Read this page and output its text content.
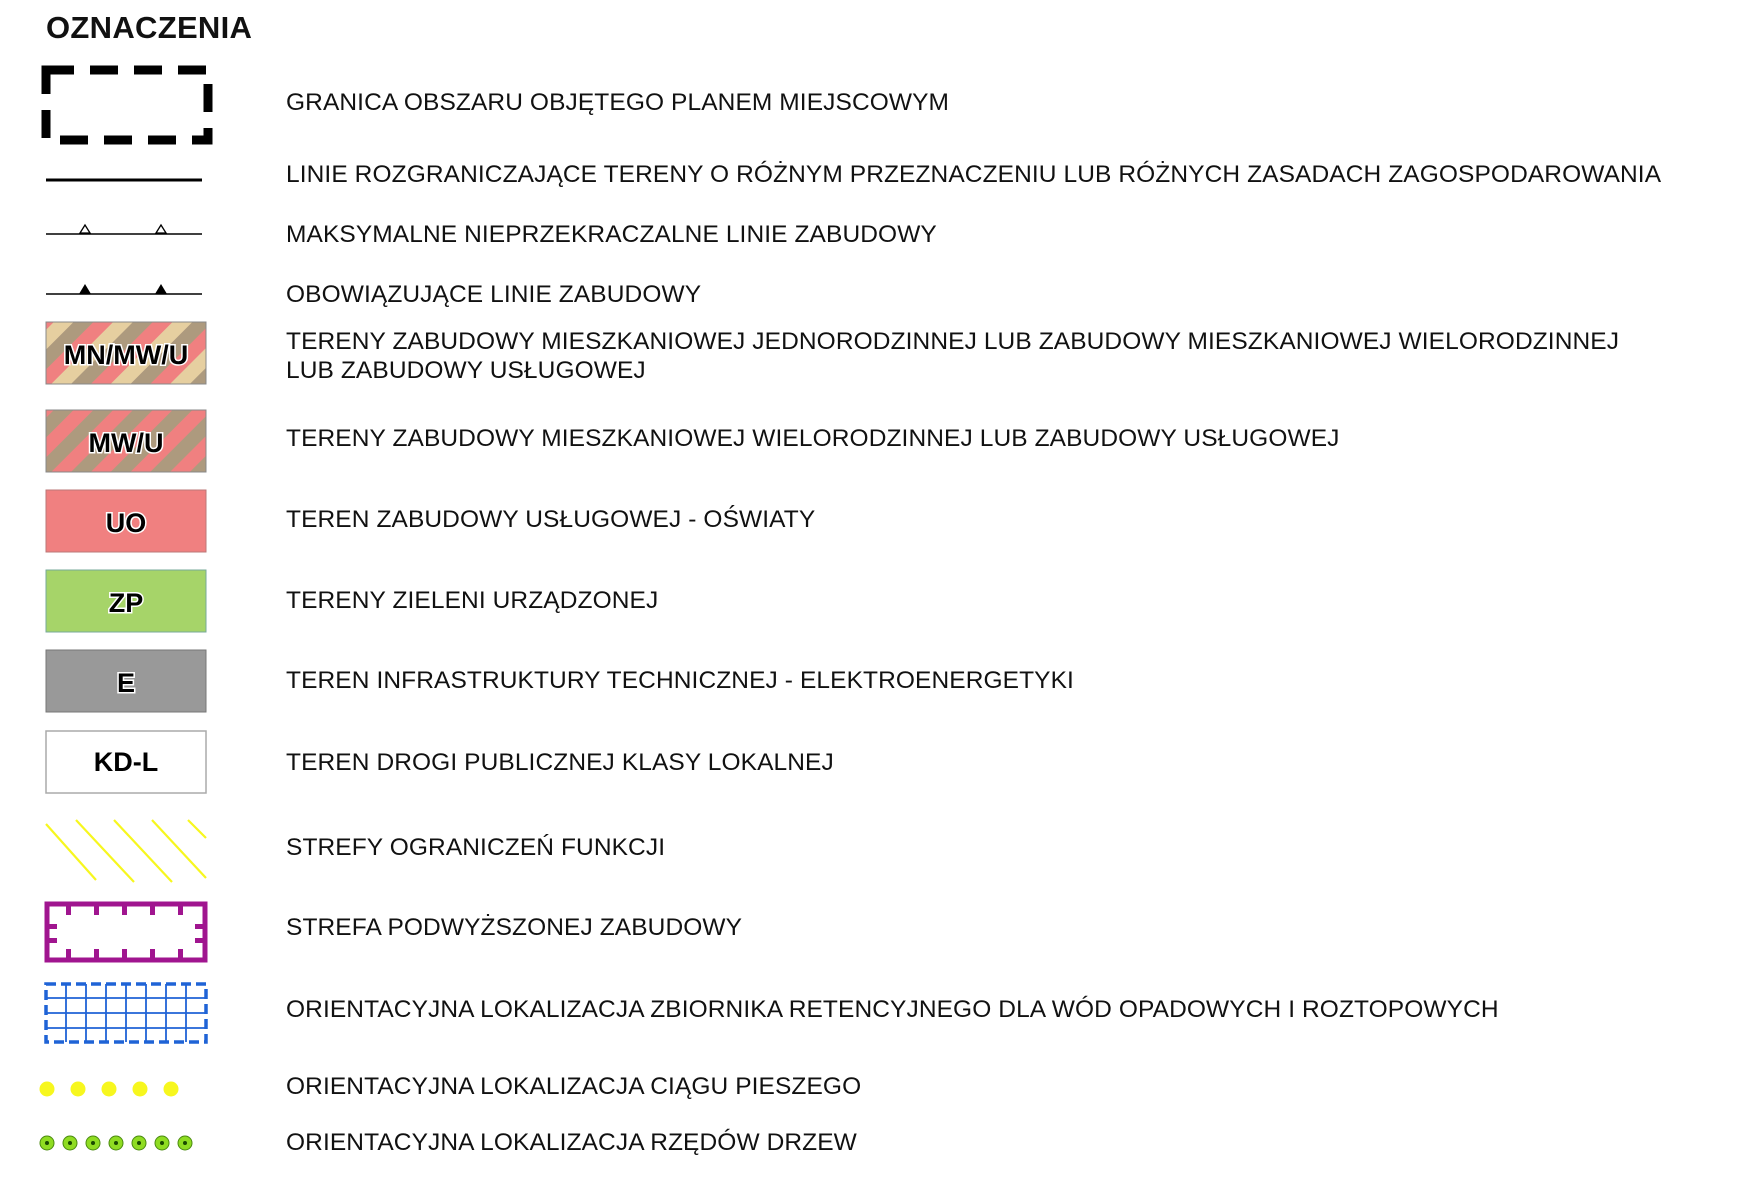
OZNACZENIA
GRANICA OBSZARU OBJĘTEGO PLANEM MIEJSCOWYM
LINIE ROZGRANICZAJĄCE TERENY O RÓŻNYM PRZEZNACZENIU LUB RÓŻNYCH ZASADACH ZAGOSPODAROWANIA
MAKSYMALNE NIEPRZEKRACZALNE LINIE ZABUDOWY
OBOWIĄZUJĄCE LINIE ZABUDOWY
MN/MW/U	TERENY ZABUDOWY MIESZKANIOWEJ JEDNORODZINNEJ LUB ZABUDOWY MIESZKANIOWEJ WIELORODZINNEJ
LUB ZABUDOWY USŁUGOWEJ
MW/U	TERENY ZABUDOWY MIESZKANIOWEJ WIELORODZINNEJ LUB ZABUDOWY USŁUGOWEJ
UO	TEREN ZABUDOWY USŁUGOWEJ - OŚWIATY
ZP	TERENY ZIELENI URZĄDZONEJ
E	TEREN INFRASTRUKTURY TECHNICZNEJ - ELEKTROENERGETYKI
KD-L	TEREN DROGI PUBLICZNEJ KLASY LOKALNEJ
STREFY OGRANICZEŃ FUNKCJI
STREFA PODWYŻSZONEJ ZABUDOWY
ORIENTACYJNA LOKALIZACJA ZBIORNIKA RETENCYJNEGO DLA WÓD OPADOWYCH I ROZTOPOWYCH
ORIENTACYJNA LOKALIZACJA CIĄGU PIESZEGO
ORIENTACYJNA LOKALIZACJA RZĘDÓW DRZEW
